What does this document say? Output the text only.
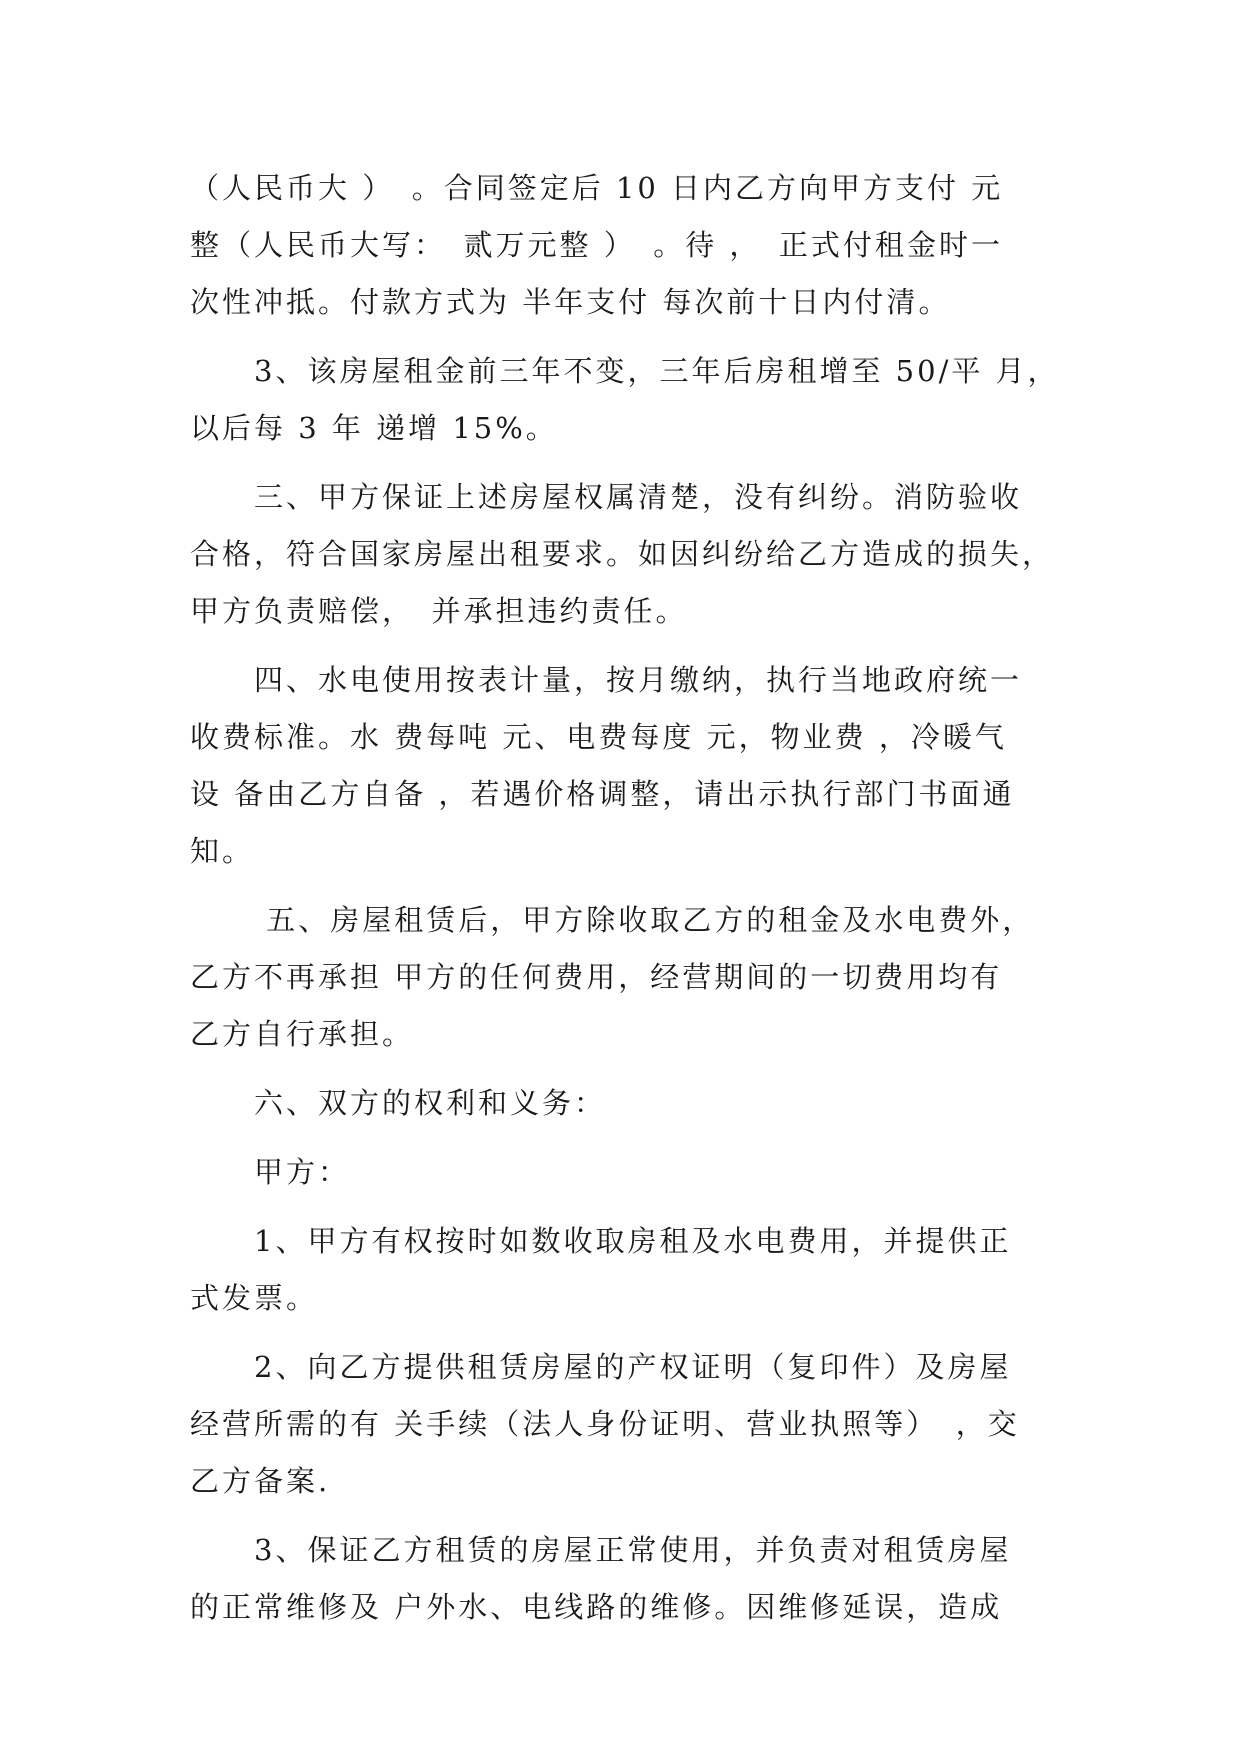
（人民币大 ）　。合同签定后 10 日内乙方向甲方支付 元
整（人民币大写：　贰万元整 ）　。待 ，　正式付租金时一
次性冲抵。付款方式为 半年支付 每次前十日内付清。
　　3、该房屋租金前三年不变，三年后房租增至 50/平 月，
以后每 3 年 递增 15%。
　　三、甲方保证上述房屋权属清楚，没有纠纷。消防验收
合格，符合国家房屋出租要求。如因纠纷给乙方造成的损失，
甲方负责赔偿，　并承担违约责任。
　　四、水电使用按表计量，按月缴纳，执行当地政府统一
收费标准。水 费每吨 元、电费每度 元，物业费 ，冷暖气
设 备由乙方自备 ，若遇价格调整，请出示执行部门书面通
知。
　　 五、房屋租赁后，甲方除收取乙方的租金及水电费外，
乙方不再承担 甲方的任何费用，经营期间的一切费用均有
乙方自行承担。
　　六、双方的权利和义务：
　　甲方：
　　1、甲方有权按时如数收取房租及水电费用，并提供正
式发票。
　　2、向乙方提供租赁房屋的产权证明（复印件）及房屋
经营所需的有 关手续（法人身份证明、营业执照等）　，交
乙方备案.
　　3、保证乙方租赁的房屋正常使用，并负责对租赁房屋
的正常维修及 户外水、电线路的维修。因维修延误，造成
